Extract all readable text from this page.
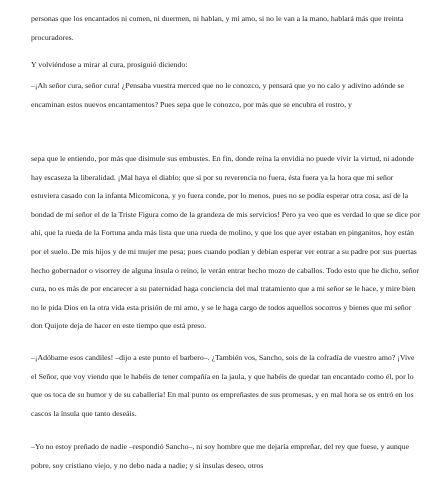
personas que los encantados ni comen, ni duermen, ni hablan, y mi amo, si no le van a la mano, hablará más que treinta procuradores.

Y volviéndose a mirar al cura, prosiguió diciendo:

–¡Ah señor cura, señor cura! ¿Pensaba vuestra merced que no le conozco, y pensará que yo no calo y adivino adónde se encaminan estos nuevos encantamentos? Pues sepa que le conozco, por más que se encubra el rostro, y

sepa que le entiendo, por más que disimule sus embustes. En fin, donde reina la envidia no puede vivir la virtud, ni adonde hay escaseza la liberalidad. ¡Mal haya el diablo; que si por su reverencia no fuera, ésta fuera ya la hora que mi señor estuviera casado con la infanta Micomicona, y yo fuera conde, por lo menos, pues no se podía esperar otra cosa, así de la bondad de mi señor el de la Triste Figura como de la grandeza de mis servicios! Pero ya veo que es verdad lo que se dice por ahí, que la rueda de la Fortuna anda más lista que una rueda de molino, y que los que ayer estaban en pinganitos, hoy están por el suelo. De mis hijos y de mi mujer me pesa; pues cuando podían y debían esperar ver entrar a su padre por sus puertas hecho gobernador o visorrey de alguna ínsula o reino, le verán entrar hecho mozo de caballos. Todo esto que he dicho, señor cura, no es más de por encarecer a su paternidad haga conciencia del mal tratamiento que a mi señor se le hace, y mire bien no le pida Dios en la otra vida esta prisión de mi amo, y se le haga cargo de todos aquellos socorros y bienes que mi señor don Quijote deja de hacer en este tiempo que está preso.

–¡Adóbame esos candiles! –dijo a este punto el barbero–. ¿También vos, Sancho, sois de la cofradía de vuestro amo? ¡Vive el Señor, que voy viendo que le habéis de tener compañía en la jaula, y que habéis de quedar tan encantado como él, por lo que os toca de su humor y de su caballería! En mal punto os empreñastes de sus promesas, y en mal hora se os entró en los cascos la ínsula que tanto deseáis.

–Yo no estoy preñado de nadie –respondió Sancho–, ni soy hombre que me dejaría empreñar, del rey que fuese, y aunque pobre, soy cristiano viejo, y no debo nada a nadie; y si ínsulas deseo, otros
